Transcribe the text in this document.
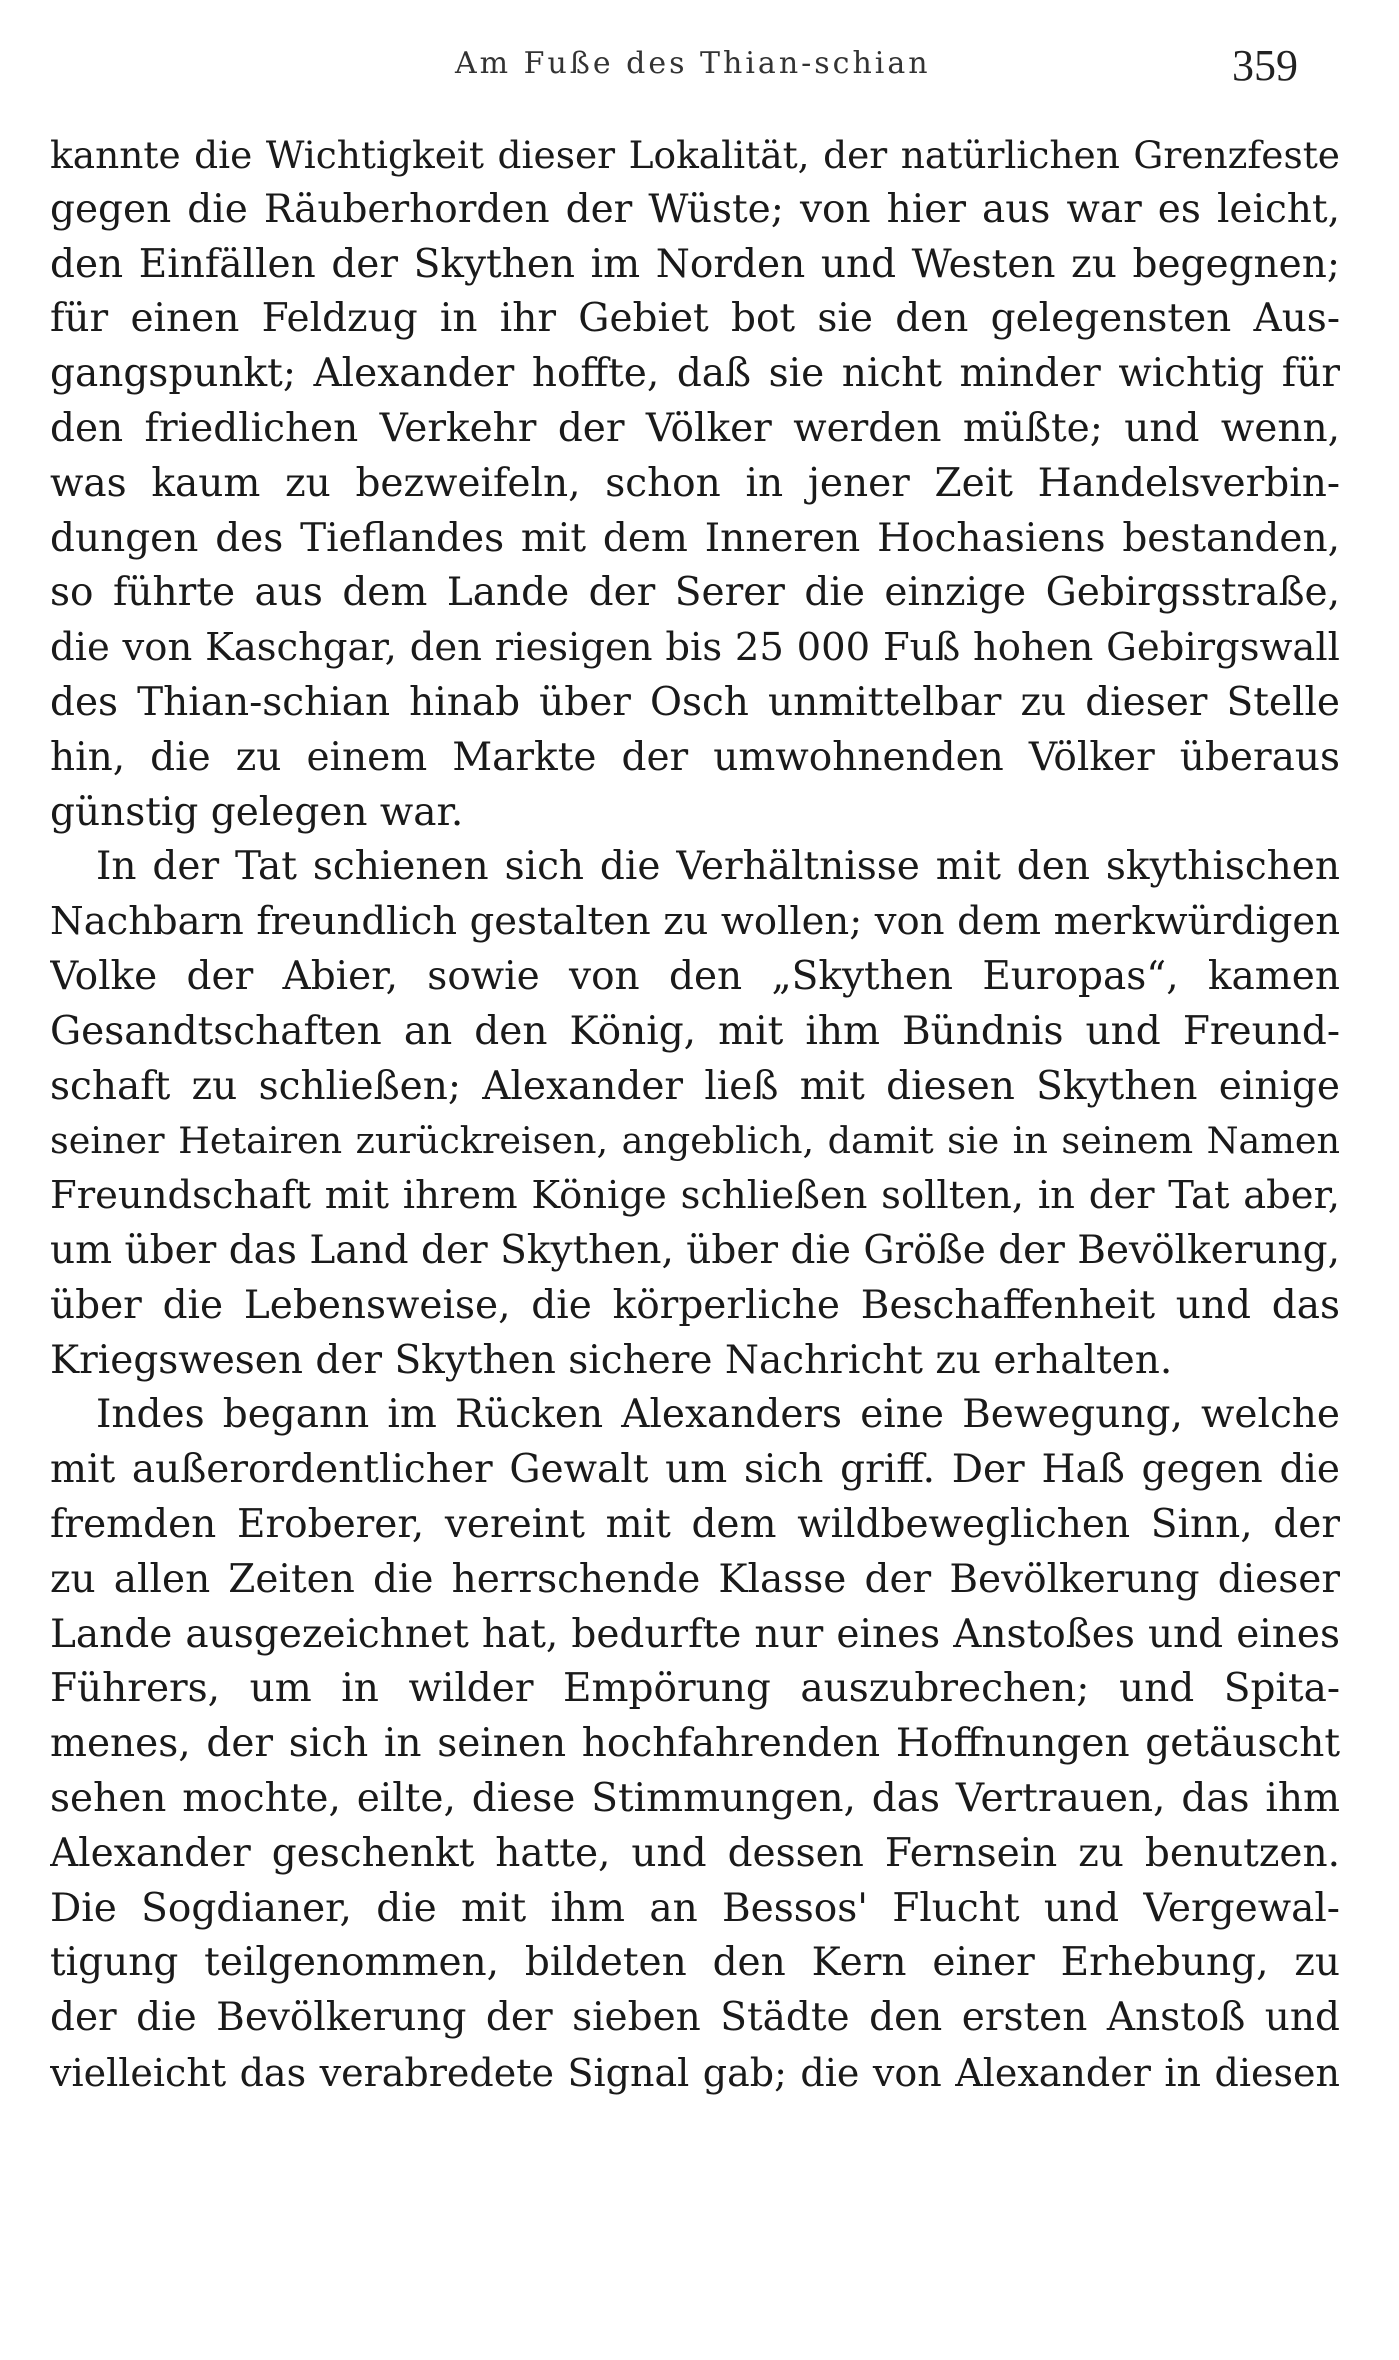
Am Fuße des Thian-schian	359
kannte die Wichtigkeit dieser Lokalität, der natürlichen Grenzfeste
gegen die Räuberhorden der Wüste; von hier aus war es leicht,
den Einfällen der Skythen im Norden und Westen zu begegnen;
für einen Feldzug in ihr Gebiet bot sie den gelegensten Aus-
gangspunkt; Alexander hoffte, daß sie nicht minder wichtig für
den friedlichen Verkehr der Völker werden müßte; und wenn,
was kaum zu bezweifeln, schon in jener Zeit Handelsverbin-
dungen des Tieflandes mit dem Inneren Hochasiens bestanden,
so führte aus dem Lande der Serer die einzige Gebirgsstraße,
die von Kaschgar, den riesigen bis 25 000 Fuß hohen Gebirgswall
des Thian-schian hinab über Osch unmittelbar zu dieser Stelle
hin, die zu einem Markte der umwohnenden Völker überaus
günstig gelegen war.
In der Tat schienen sich die Verhältnisse mit den skythischen
Nachbarn freundlich gestalten zu wollen; von dem merkwürdigen
Volke der Abier, sowie von den „Skythen Europas“, kamen
Gesandtschaften an den König, mit ihm Bündnis und Freund-
schaft zu schließen; Alexander ließ mit diesen Skythen einige
seiner Hetairen zurückreisen, angeblich, damit sie in seinem Namen
Freundschaft mit ihrem Könige schließen sollten, in der Tat aber,
um über das Land der Skythen, über die Größe der Bevölkerung,
über die Lebensweise, die körperliche Beschaffenheit und das
Kriegswesen der Skythen sichere Nachricht zu erhalten.
Indes begann im Rücken Alexanders eine Bewegung, welche
mit außerordentlicher Gewalt um sich griff. Der Haß gegen die
fremden Eroberer, vereint mit dem wildbeweglichen Sinn, der
zu allen Zeiten die herrschende Klasse der Bevölkerung dieser
Lande ausgezeichnet hat, bedurfte nur eines Anstoßes und eines
Führers, um in wilder Empörung auszubrechen; und Spita-
menes, der sich in seinen hochfahrenden Hoffnungen getäuscht
sehen mochte, eilte, diese Stimmungen, das Vertrauen, das ihm
Alexander geschenkt hatte, und dessen Fernsein zu benutzen.
Die Sogdianer, die mit ihm an Bessos' Flucht und Vergewal-
tigung teilgenommen, bildeten den Kern einer Erhebung, zu
der die Bevölkerung der sieben Städte den ersten Anstoß und
vielleicht das verabredete Signal gab; die von Alexander in diesen
